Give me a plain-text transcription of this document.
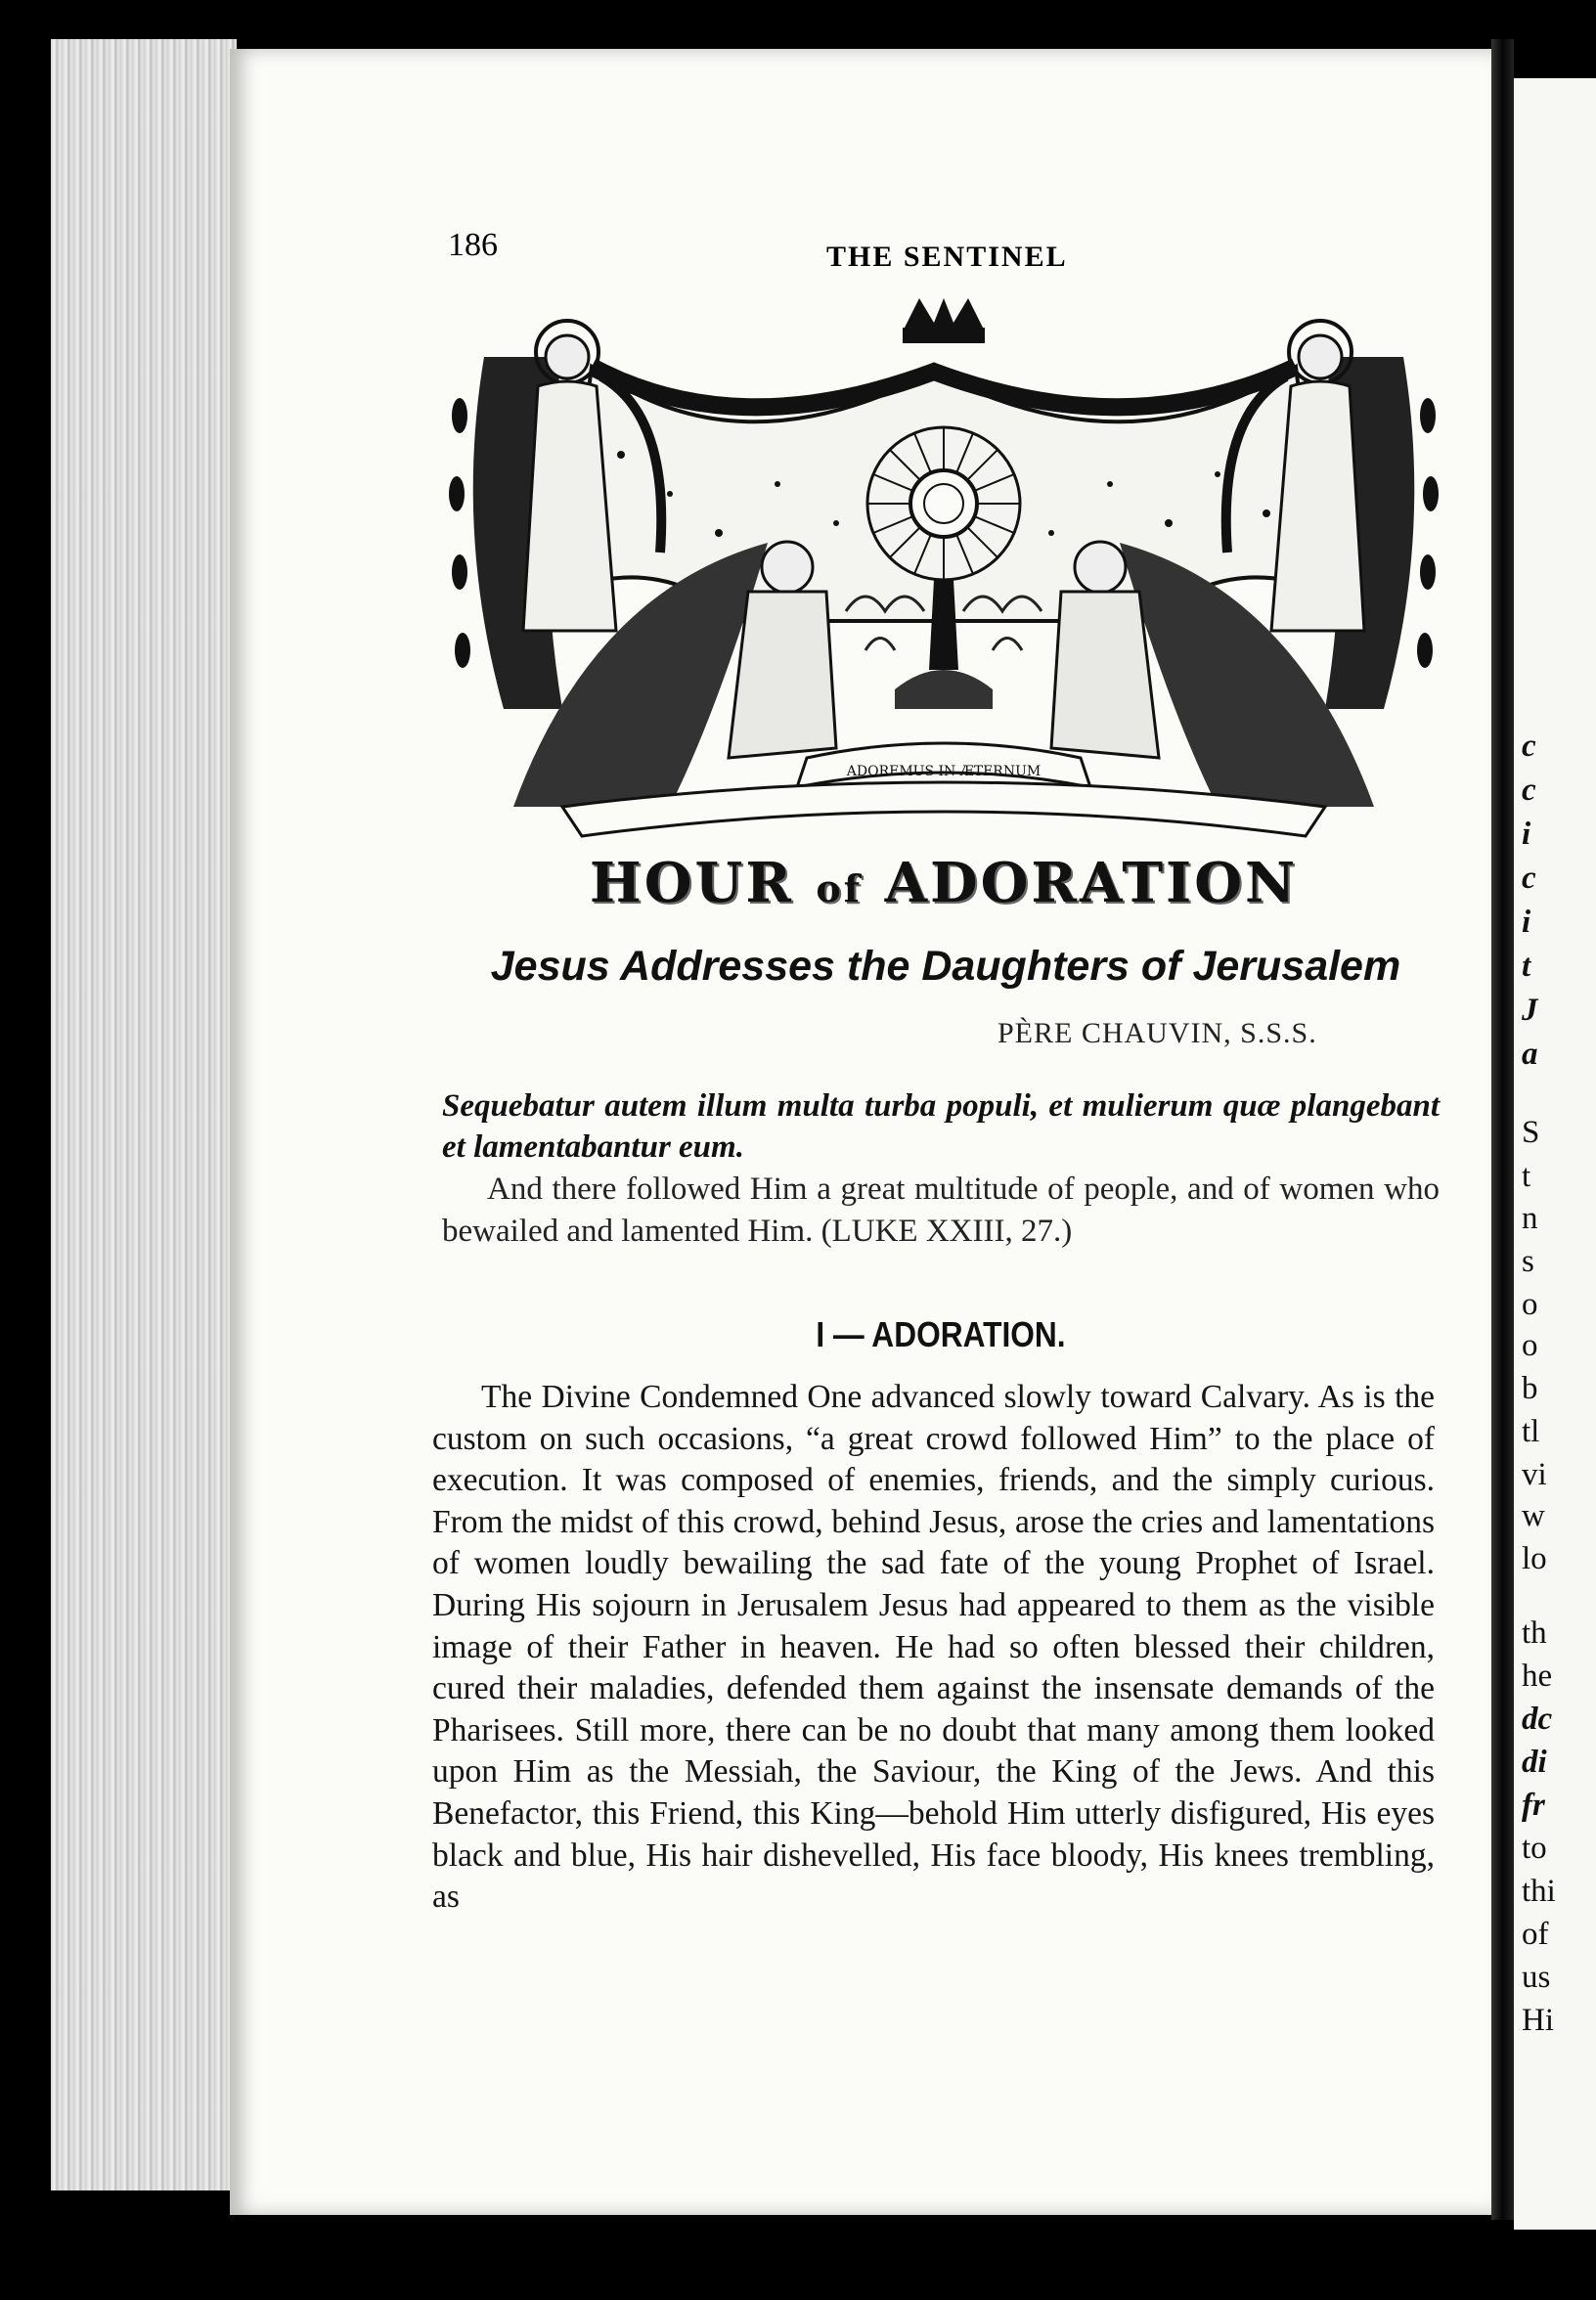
c
c
i
c
i
t
J
a
S
t
n
s
o
o
b
tl
vi
w
lo
th
he
dc
di
fr
to
thi
of
us
Hi
186	THE SENTINEL
ADOREMUS IN ÆTERNUM
HOUR of ADORATION
Jesus Addresses the Daughters of Jerusalem
PÈRE CHAUVIN, S.S.S.
Sequebatur autem illum multa turba populi, et mulierum quæ plangebant et lamentabantur eum.
And there followed Him a great multitude of people, and of women who bewailed and lamented Him. (LUKE XXIII, 27.)
I — ADORATION.
The Divine Condemned One advanced slowly toward Calvary. As is the custom on such occasions, “a great crowd followed Him” to the place of execution. It was composed of enemies, friends, and the simply curious. From the midst of this crowd, behind Jesus, arose the cries and lamentations of women loudly bewailing the sad fate of the young Prophet of Israel. During His sojourn in Jerusalem Jesus had appeared to them as the visible image of their Father in heaven. He had so often blessed their children, cured their maladies, defended them against the insensate demands of the Pharisees. Still more, there can be no doubt that many among them looked upon Him as the Messiah, the Saviour, the King of the Jews. And this Benefactor, this Friend, this King—behold Him utterly disfigured, His eyes black and blue, His hair dishevelled, His face bloody, His knees trembling, as
